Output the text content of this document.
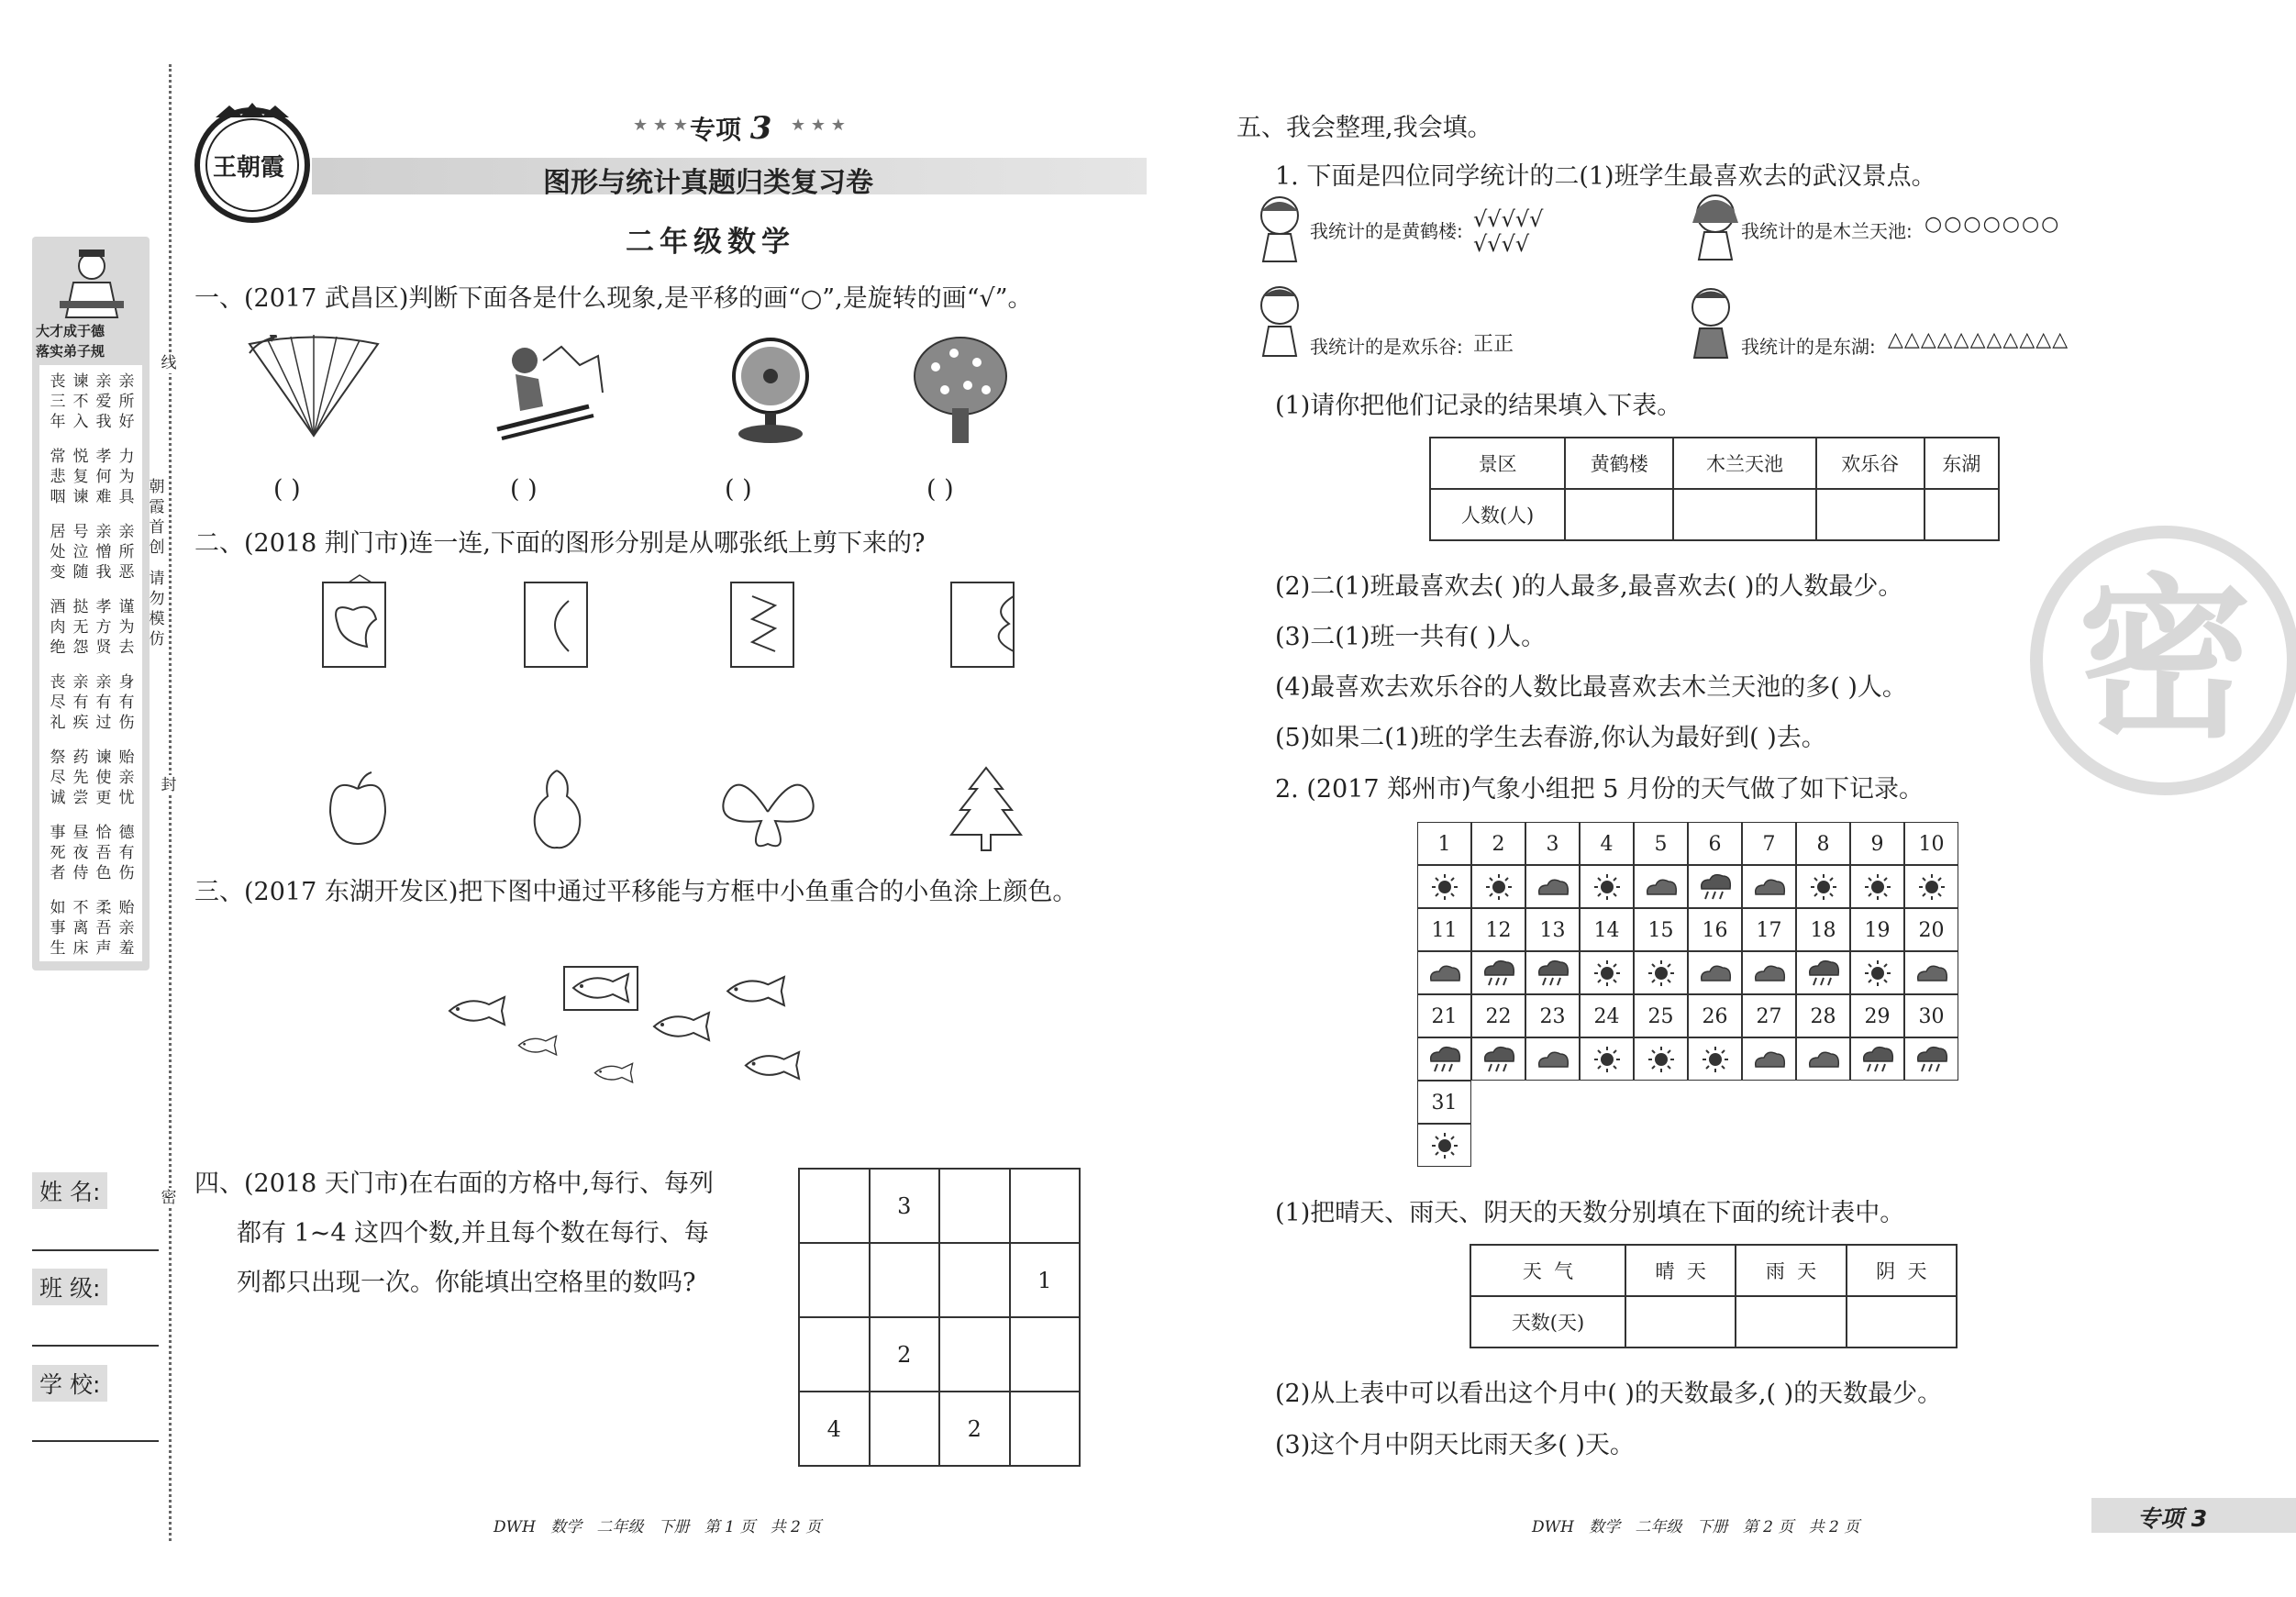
线
封
密
大才成于德
落实弟子规
丧三年
谏不入
亲爱我
亲所好
常悲咽
悦复谏
孝何难
力为具
居处变
号泣随
亲憎我
亲所恶
酒肉绝
挞无怨
孝方贤
谨为去
丧尽礼
亲有疾
亲有过
身有伤
祭尽诚
药先尝
谏使更
贻亲忧
事死者
昼夜侍
恰吾色
德有伤
如事生
不离床
柔吾声
贻亲羞
朝霞首创
请勿模仿
姓 名:
班 级:
学 校:
王朝霞
★ ★ ★ 专项 3 ★ ★ ★
图形与统计真题归类复习卷
二年级数学
一、(2017 武昌区)判断下面各是什么现象,是平移的画“○”,是旋转的画“√”。
( )	( )	( )	( )
二、(2018 荆门市)连一连,下面的图形分别是从哪张纸上剪下来的?
三、(2017 东湖开发区)把下图中通过平移能与方框中小鱼重合的小鱼涂上颜色。
四、(2018 天门市)在右面的方格中,每行、每列
都有 1~4 这四个数,并且每个数在每行、每
列都只出现一次。你能填出空格里的数吗?
	3		
			1
	2		
4		2	
五、我会整理,我会填。
1. 下面是四位同学统计的二(1)班学生最喜欢去的武汉景点。
我统计的是黄鹤楼: √√√√√
√√√√	我统计的是木兰天池: ○○○○○○○
我统计的是欢乐谷: 正正	我统计的是东湖: △△△△△△△△△△△
(1)请你把他们记录的结果填入下表。
景区	黄鹤楼	木兰天池	欢乐谷	东湖
人数(人)				
(2)二(1)班最喜欢去( )的人最多,最喜欢去( )的人数最少。
(3)二(1)班一共有( )人。
(4)最喜欢去欢乐谷的人数比最喜欢去木兰天池的多( )人。
(5)如果二(1)班的学生去春游,你认为最好到( )去。
2. (2017 郑州市)气象小组把 5 月份的天气做了如下记录。
1	2	3	4	5	6	7	8	9	10
11	12	13	14	15	16	17	18	19	20
21	22	23	24	25	26	27	28	29	30
31
(1)把晴天、雨天、阴天的天数分别填在下面的统计表中。
天  气	晴  天	雨  天	阴  天
天数(天)			
(2)从上表中可以看出这个月中( )的天数最多,( )的天数最少。
(3)这个月中阴天比雨天多( )天。
密
DWH   数学   二年级   下册   第 1 页   共 2 页	DWH   数学   二年级   下册   第 2 页   共 2 页	专项 3
